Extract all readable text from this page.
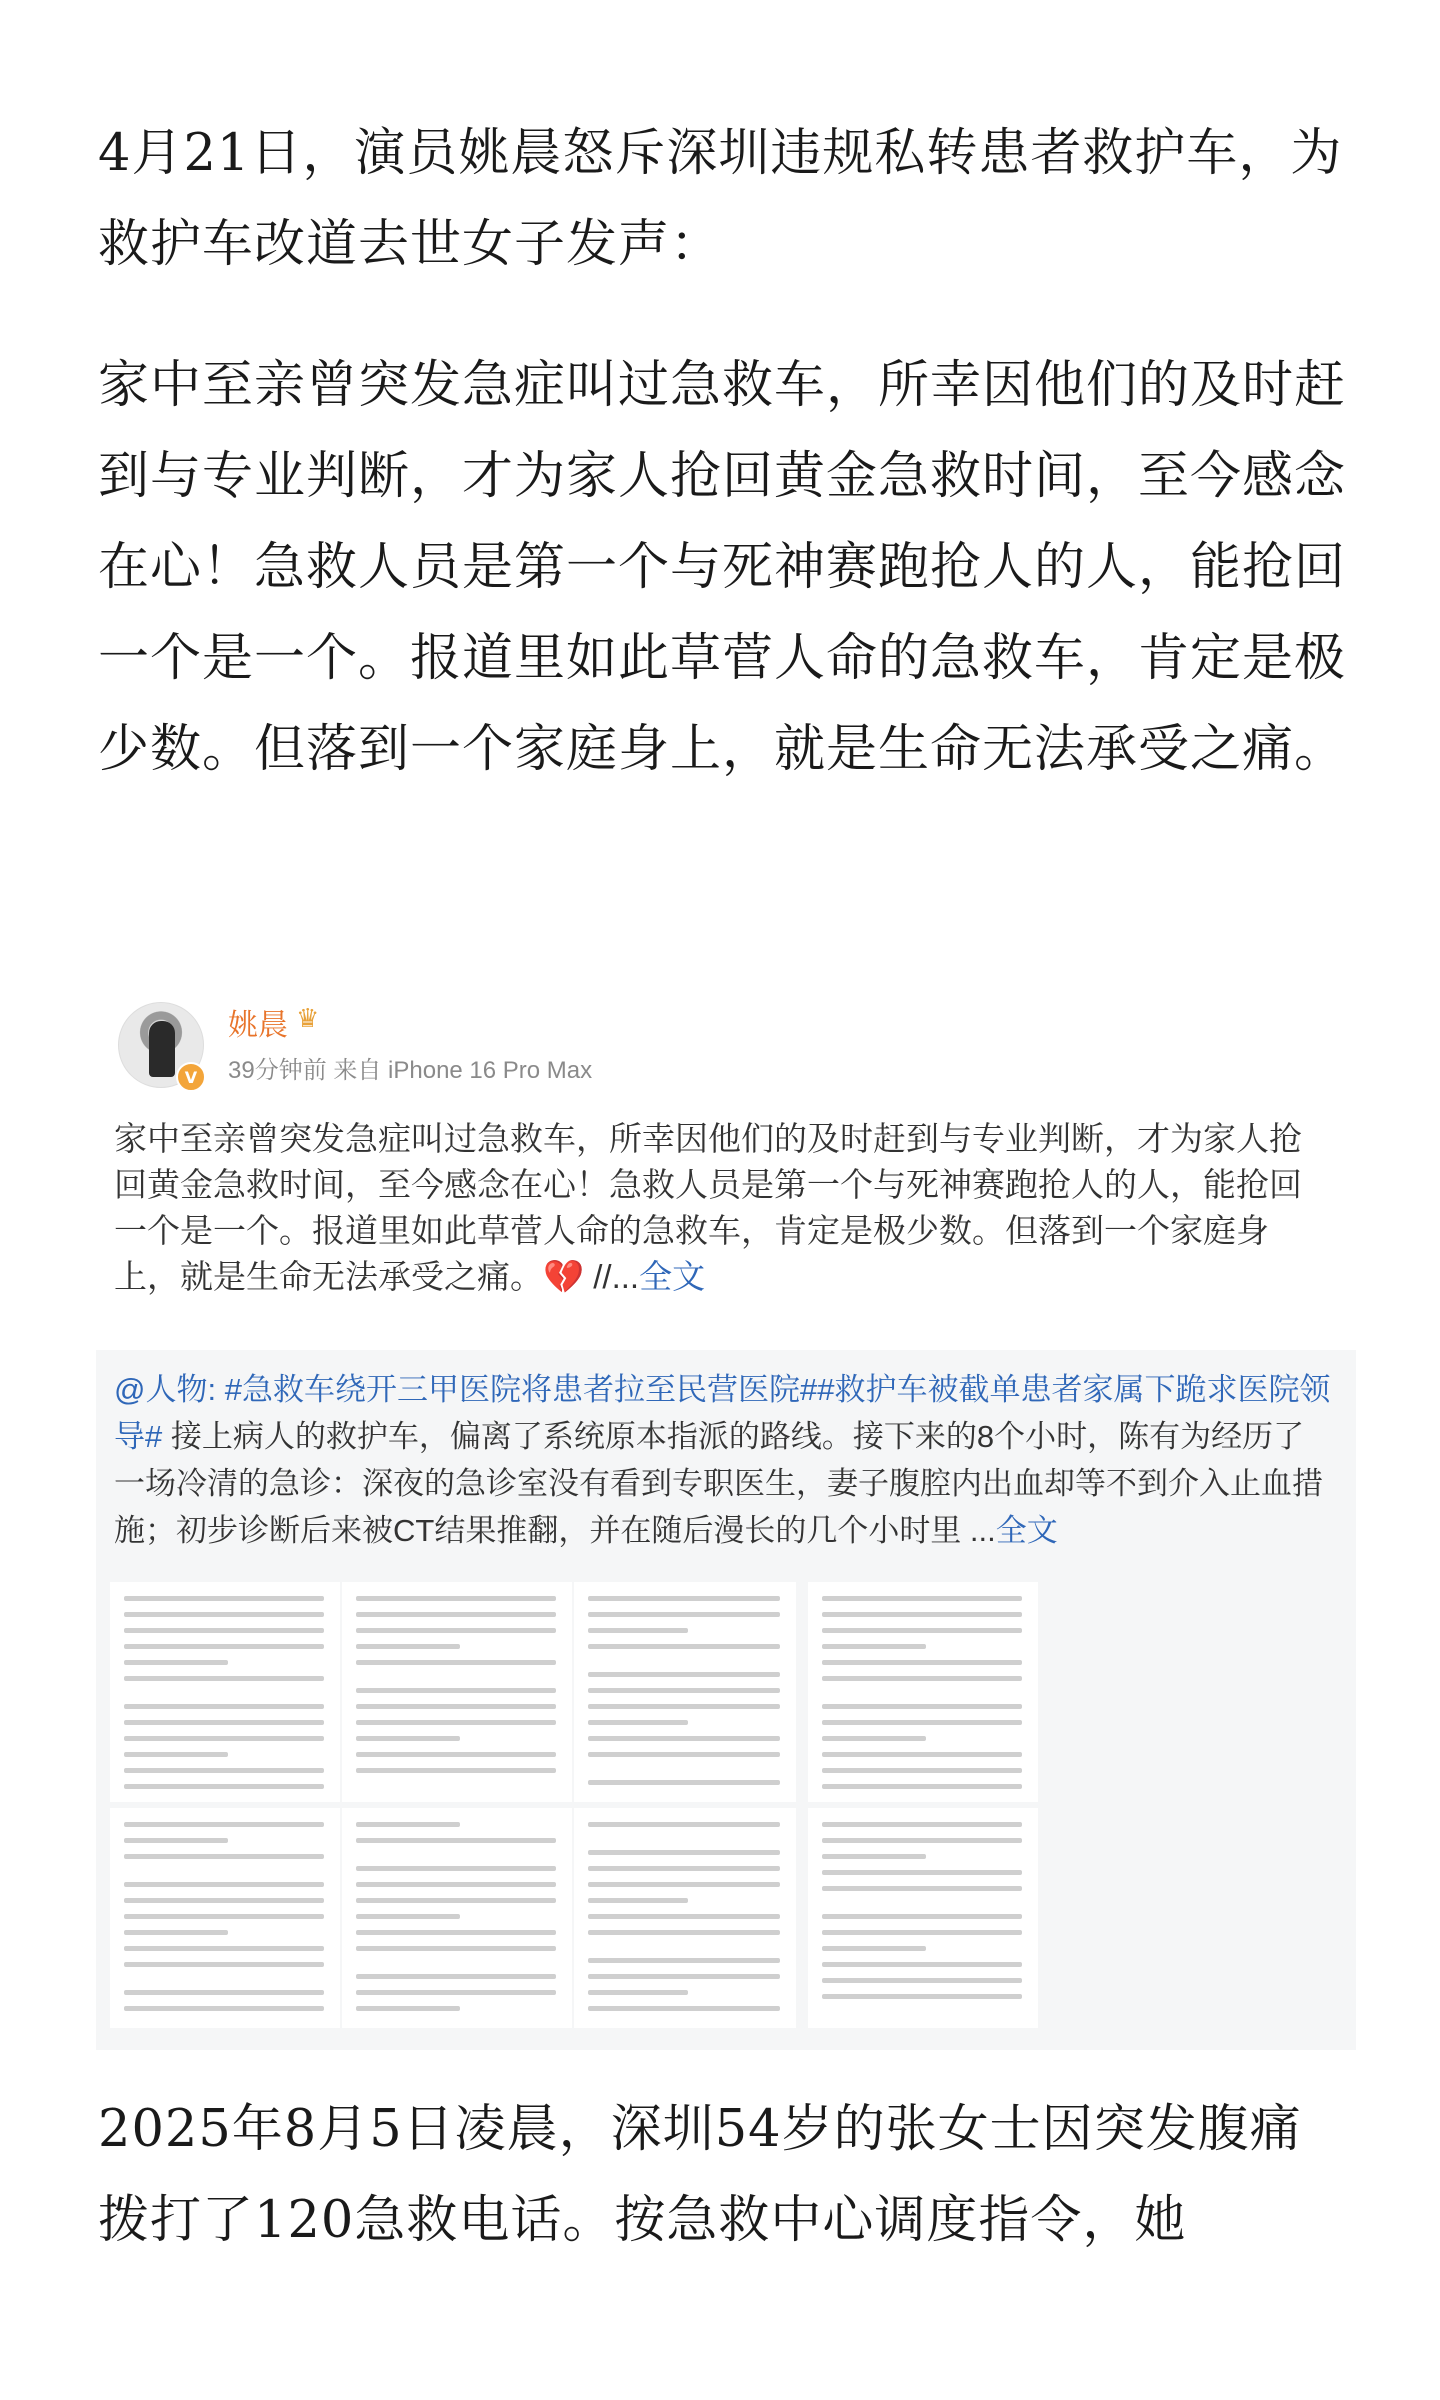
4月21日，演员姚晨怒斥深圳违规私转患者救护车，为救护车改道去世女子发声：

家中至亲曾突发急症叫过急救车，所幸因他们的及时赶到与专业判断，才为家人抢回黄金急救时间，至今感念在心！急救人员是第一个与死神赛跑抢人的人，能抢回一个是一个。报道里如此草菅人命的急救车，肯定是极少数。但落到一个家庭身上，就是生命无法承受之痛。

V
姚晨 ♛
39分钟前 来自 iPhone 16 Pro Max

家中至亲曾突发急症叫过急救车，所幸因他们的及时赶到与专业判断，才为家人抢回黄金急救时间，至今感念在心！急救人员是第一个与死神赛跑抢人的人，能抢回一个是一个。报道里如此草菅人命的急救车，肯定是极少数。但落到一个家庭身上，就是生命无法承受之痛。💔 //...全文

@人物: #急救车绕开三甲医院将患者拉至民营医院##救护车被截单患者家属下跪求医院领导# 接上病人的救护车，偏离了系统原本指派的路线。接下来的8个小时，陈有为经历了一场冷清的急诊：深夜的急诊室没有看到专职医生，妻子腹腔内出血却等不到介入止血措施；初步诊断后来被CT结果推翻，并在随后漫长的几个小时里 ...全文

2025年8月5日凌晨，深圳54岁的张女士因突发腹痛拨打了120急救电话。按急救中心调度指令，她
